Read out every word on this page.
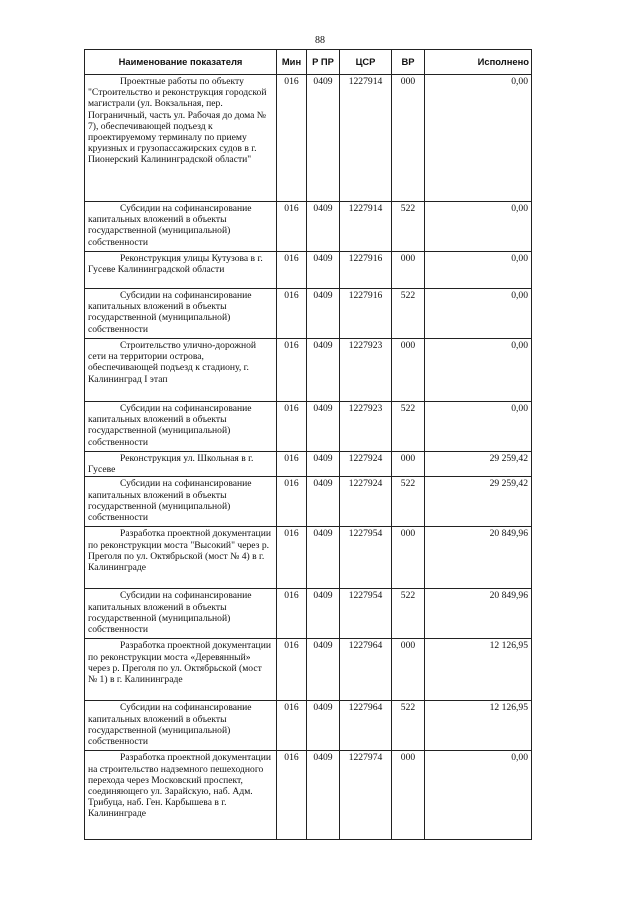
88
Наименование показателя	Мин	Р ПР	ЦСР	ВР	Исполнено

Проектные работы по объекту "Строительство и реконструкция городской магистрали (ул. Вокзальная, пер. Пограничный, часть ул. Рабочая до дома № 7), обеспечивающей подъезд к проектируемому терминалу по приему круизных и грузопассажирских судов в г. Пионерский Калининградской области"	016	0409	1227914	000	0,00

Субсидии на софинансирование капитальных вложений в объекты государственной (муниципальной) собственности	016	0409	1227914	522	0,00

Реконструкция улицы Кутузова в г. Гусеве Калининградской области	016	0409	1227916	000	0,00

Субсидии на софинансирование капитальных вложений в объекты государственной (муниципальной) собственности	016	0409	1227916	522	0,00

Строительство улично-дорожной сети на территории острова, обеспечивающей подъезд к стадиону, г. Калининград I этап	016	0409	1227923	000	0,00

Субсидии на софинансирование капитальных вложений в объекты государственной (муниципальной) собственности	016	0409	1227923	522	0,00

Реконструкция ул. Школьная в г. Гусеве	016	0409	1227924	000	29 259,42

Субсидии на софинансирование капитальных вложений в объекты государственной (муниципальной) собственности	016	0409	1227924	522	29 259,42

Разработка проектной документации по реконструкции моста "Высокий" через р. Преголя по ул. Октябрьской (мост № 4) в г. Калининграде	016	0409	1227954	000	20 849,96

Субсидии на софинансирование капитальных вложений в объекты государственной (муниципальной) собственности	016	0409	1227954	522	20 849,96

Разработка проектной документации по реконструкции моста «Деревянный» через р. Преголя по ул. Октябрьской (мост № 1) в г. Калининграде	016	0409	1227964	000	12 126,95

Субсидии на софинансирование капитальных вложений в объекты государственной (муниципальной) собственности	016	0409	1227964	522	12 126,95

Разработка проектной документации на строительство надземного пешеходного перехода через Московский проспект, соединяющего ул. Зарайскую, наб. Адм. Трибуца, наб. Ген. Карбышева в г. Калининграде	016	0409	1227974	000	0,00
